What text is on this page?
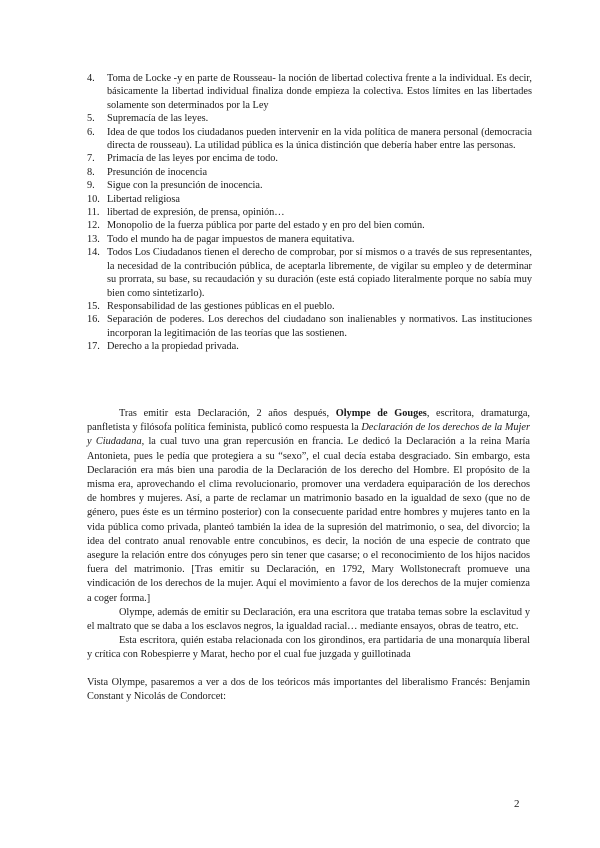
4. Toma de Locke -y en parte de Rousseau- la noción de libertad colectiva frente a la individual. Es decir, básicamente la libertad individual finaliza donde empieza la colectiva. Estos límites en las libertades solamente son determinados por la Ley
5. Supremacía de las leyes.
6. Idea de que todos los ciudadanos pueden intervenir en la vida política de manera personal (democracia directa de rousseau). La utilidad pública es la única distinción que debería haber entre las personas.
7. Primacía de las leyes por encima de todo.
8. Presunción de inocencia
9. Sigue con la presunción de inocencia.
10. Libertad religiosa
11. libertad de expresión, de prensa, opinión…
12. Monopolio de la fuerza pública por parte del estado y en pro del bien común.
13. Todo el mundo ha de pagar impuestos de manera equitativa.
14. Todos Los Ciudadanos tienen el derecho de comprobar, por sí mismos o a través de sus representantes, la necesidad de la contribución pública, de aceptarla libremente, de vigilar su empleo y de determinar su prorrata, su base, su recaudación y su duración (este está copiado literalmente porque no sabía muy bien como sintetizarlo).
15. Responsabilidad de las gestiones públicas en el pueblo.
16. Separación de poderes. Los derechos del ciudadano son inalienables y normativos. Las instituciones incorporan la legitimación de las teorías que las sostienen.
17. Derecho a la propiedad privada.

Tras emitir esta Declaración, 2 años después, Olympe de Gouges, escritora, dramaturga, panfletista y filósofa política feminista, publicó como respuesta la Declaración de los derechos de la Mujer y Ciudadana, la cual tuvo una gran repercusión en francia. Le dedicó la Declaración a la reina María Antonieta, pues le pedía que protegiera a su “sexo”, el cual decía estaba desgraciado. Sin embargo, esta Declaración era más bien una parodia de la Declaración de los derecho del Hombre. El propósito de la misma era, aprovechando el clima revolucionario, promover una verdadera equiparación de los derechos de hombres y mujeres. Así, a parte de reclamar un matrimonio basado en la igualdad de sexo (que no de género, pues éste es un término posterior) con la consecuente paridad entre hombres y mujeres tanto en la vida pública como privada, planteó también la idea de la supresión del matrimonio, o sea, del divorcio; la idea del contrato anual renovable entre concubinos, es decir, la noción de una especie de contrato que asegure la relación entre dos cónyuges pero sin tener que casarse; o el reconocimiento de los hijos nacidos fuera del matrimonio. [Tras emitir su Declaración, en 1792, Mary Wollstonecraft promueve una vindicación de los derechos de la mujer. Aquí el movimiento a favor de los derechos de la mujer comienza a coger forma.]

Olympe, además de emitir su Declaración, era una escritora que trataba temas sobre la esclavitud y el maltrato que se daba a los esclavos negros, la igualdad racial… mediante ensayos, obras de teatro, etc.

Esta escritora, quién estaba relacionada con los girondinos, era partidaria de una monarquía liberal y crítica con Robespierre y Marat, hecho por el cual fue juzgada y guillotinada

Vista Olympe, pasaremos a ver a dos de los teóricos más importantes del liberalismo Francés: Benjamin Constant y Nicolás de Condorcet:

2
